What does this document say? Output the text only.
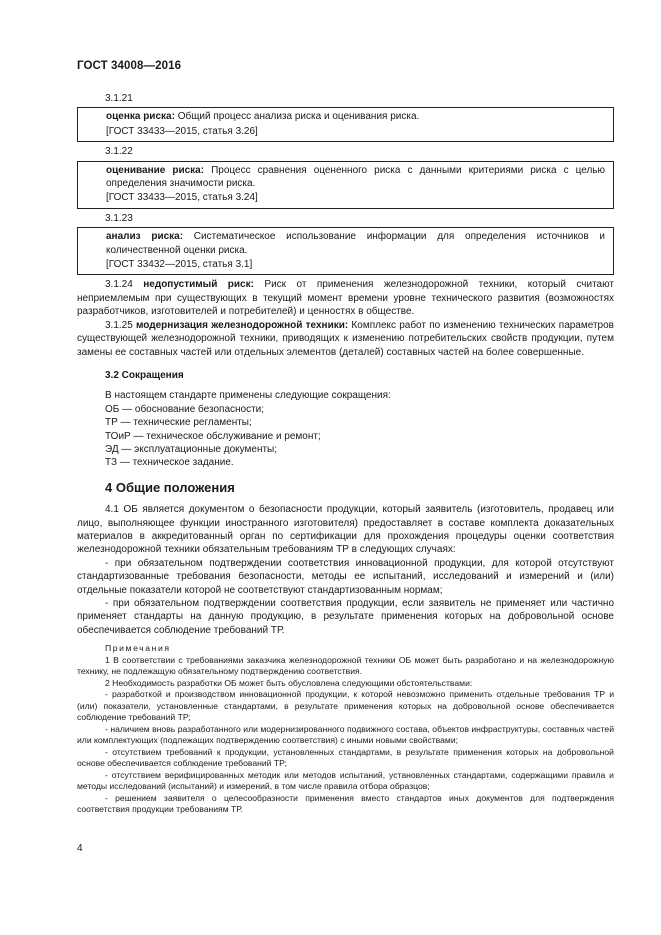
ГОСТ 34008—2016
3.1.21

оценка риска: Общий процесс анализа риска и оценивания риска.

[ГОСТ 33433—2015, статья 3.26]

3.1.22

оценивание риска: Процесс сравнения оцененного риска с данными критериями риска с целью определения значимости риска.

[ГОСТ 33433—2015, статья 3.24]

3.1.23

анализ риска: Систематическое использование информации для определения источников и количественной оценки риска.

[ГОСТ 33432—2015, статья 3.1]

3.1.24 недопустимый риск: Риск от применения железнодорожной техники, который считают неприемлемым при существующих в текущий момент времени уровне технического развития (возможностях разработчиков, изготовителей и потребителей) и ценностях в обществе.

3.1.25 модернизация железнодорожной техники: Комплекс работ по изменению технических параметров существующей железнодорожной техники, приводящих к изменению потребительских свойств продукции, путем замены ее составных частей или отдельных элементов (деталей) составных частей на более совершенные.

3.2 Сокращения

В настоящем стандарте применены следующие сокращения:

ОБ — обоснование безопасности;

ТР — технические регламенты;

ТОиР — техническое обслуживание и ремонт;

ЭД — эксплуатационные документы;

ТЗ — техническое задание.

4 Общие положения

4.1 ОБ является документом о безопасности продукции, который заявитель (изготовитель, продавец или лицо, выполняющее функции иностранного изготовителя) предоставляет в составе комплекта доказательных материалов в аккредитованный орган по сертификации для прохождения процедуры оценки соответствия железнодорожной техники обязательным требованиям ТР в следующих случаях:

- при обязательном подтверждении соответствия инновационной продукции, для которой отсутствуют стандартизованные требования безопасности, методы ее испытаний, исследований и измерений и (или) отдельные показатели которой не соответствуют стандартизованным нормам;

- при обязательном подтверждении соответствия продукции, если заявитель не применяет или частично применяет стандарты на данную продукцию, в результате применения которых на добровольной основе обеспечивается соблюдение требований ТР.

Примечания

1 В соответствии с требованиями заказчика железнодорожной техники ОБ может быть разработано и на железнодорожную технику, не подлежащую обязательному подтверждению соответствия.

2 Необходимость разработки ОБ может быть обусловлена следующими обстоятельствами:

- разработкой и производством инновационной продукции, к которой невозможно применить отдельные требования ТР и (или) показатели, установленные стандартами, в результате применения которых на добровольной основе обеспечивается соблюдение требований ТР;

- наличием вновь разработанного или модернизированного подвижного состава, объектов инфраструктуры, составных частей или комплектующих (подлежащих подтверждению соответствия) с иными новыми свойствами;

- отсутствием требований к продукции, установленных стандартами, в результате применения которых на добровольной основе обеспечивается соблюдение требований ТР;

- отсутствием верифицированных методик или методов испытаний, установленных стандартами, содержащими правила и методы исследований (испытаний) и измерений, в том числе правила отбора образцов;

- решением заявителя о целесообразности применения вместо стандартов иных документов для подтверждения соответствия продукции требованиям ТР.

4
